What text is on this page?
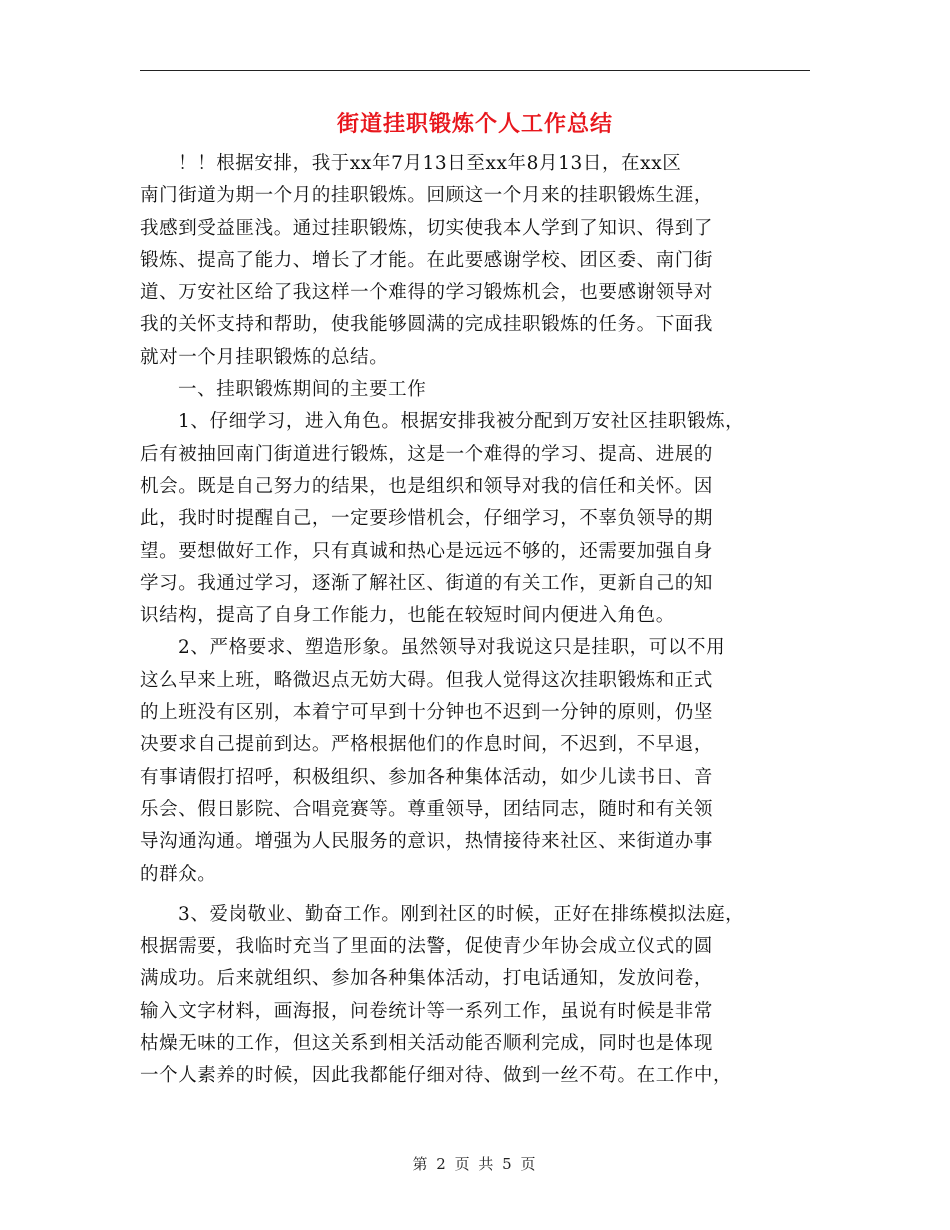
街道挂职锻炼个人工作总结
！！根据安排，我于xx年7月13日至xx年8月13日，在xx区
南门街道为期一个月的挂职锻炼。回顾这一个月来的挂职锻炼生涯，
我感到受益匪浅。通过挂职锻炼，切实使我本人学到了知识、得到了
锻炼、提高了能力、增长了才能。在此要感谢学校、团区委、南门街
道、万安社区给了我这样一个难得的学习锻炼机会，也要感谢领导对
我的关怀支持和帮助，使我能够圆满的完成挂职锻炼的任务。下面我
就对一个月挂职锻炼的总结。
一、挂职锻炼期间的主要工作
1、仔细学习，进入角色。根据安排我被分配到万安社区挂职锻炼，
后有被抽回南门街道进行锻炼，这是一个难得的学习、提高、进展的
机会。既是自己努力的结果，也是组织和领导对我的信任和关怀。因
此，我时时提醒自己，一定要珍惜机会，仔细学习，不辜负领导的期
望。要想做好工作，只有真诚和热心是远远不够的，还需要加强自身
学习。我通过学习，逐渐了解社区、街道的有关工作，更新自己的知
识结构，提高了自身工作能力，也能在较短时间内便进入角色。
2、严格要求、塑造形象。虽然领导对我说这只是挂职，可以不用
这么早来上班，略微迟点无妨大碍。但我人觉得这次挂职锻炼和正式
的上班没有区别，本着宁可早到十分钟也不迟到一分钟的原则，仍坚
决要求自己提前到达。严格根据他们的作息时间，不迟到，不早退，
有事请假打招呼，积极组织、参加各种集体活动，如少儿读书日、音
乐会、假日影院、合唱竞赛等。尊重领导，团结同志，随时和有关领
导沟通沟通。增强为人民服务的意识，热情接待来社区、来街道办事
的群众。
3、爱岗敬业、勤奋工作。刚到社区的时候，正好在排练模拟法庭，
根据需要，我临时充当了里面的法警，促使青少年协会成立仪式的圆
满成功。后来就组织、参加各种集体活动，打电话通知，发放问卷，
输入文字材料，画海报，问卷统计等一系列工作，虽说有时候是非常
枯燥无味的工作，但这关系到相关活动能否顺利完成，同时也是体现
一个人素养的时候，因此我都能仔细对待、做到一丝不苟。在工作中，
第 2 页 共 5 页
